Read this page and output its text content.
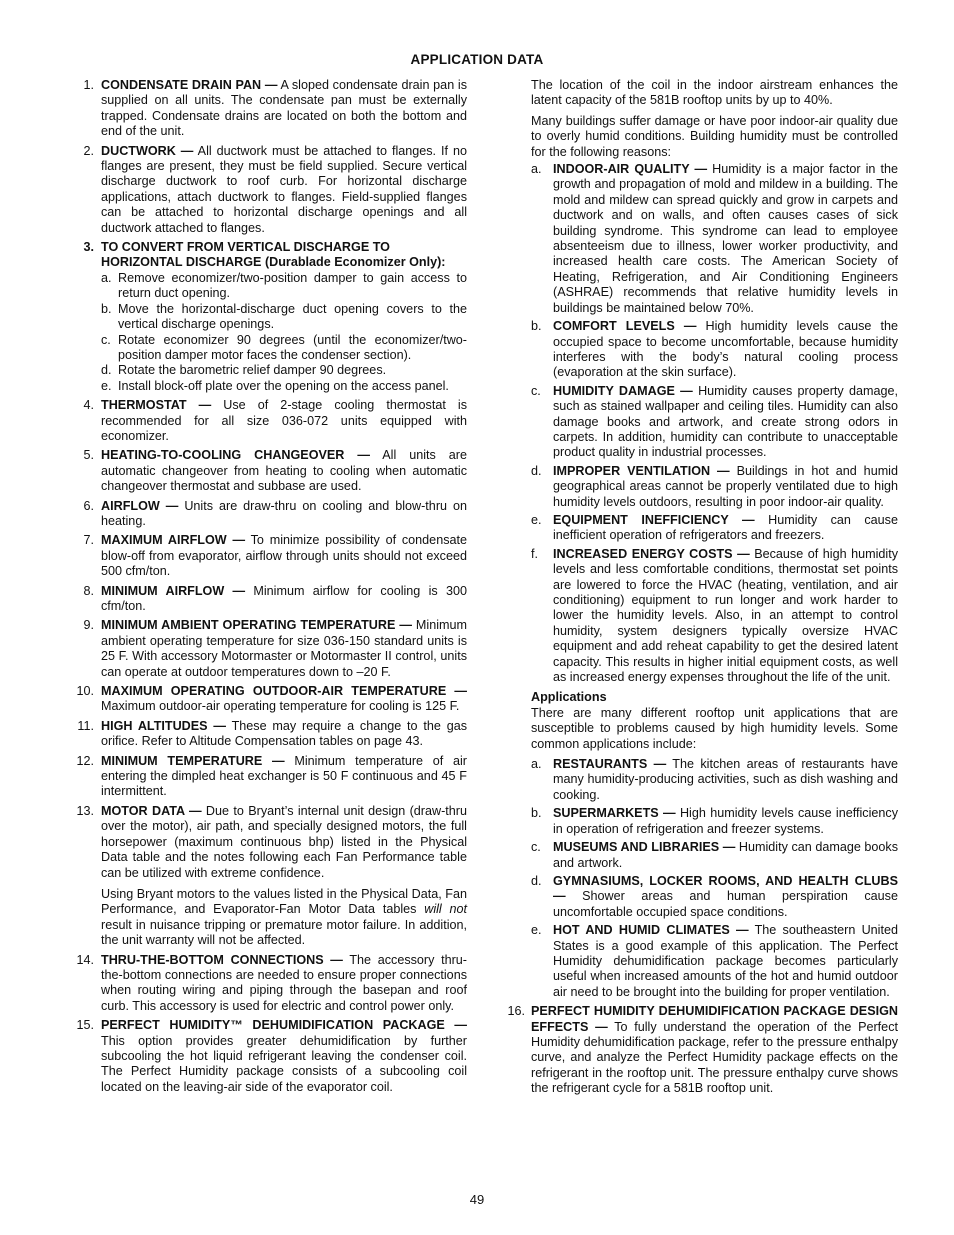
APPLICATION DATA
1. CONDENSATE DRAIN PAN — A sloped condensate drain pan is supplied on all units. The condensate pan must be externally trapped. Condensate drains are located on both the bottom and end of the unit.
2. DUCTWORK — All ductwork must be attached to flanges. If no flanges are present, they must be field supplied. Secure vertical discharge ductwork to roof curb. For horizontal discharge applications, attach ductwork to flanges. Field-supplied flanges can be attached to horizontal discharge openings and all ductwork attached to flanges.
3. TO CONVERT FROM VERTICAL DISCHARGE TO HORIZONTAL DISCHARGE (Durablade Economizer Only):
a. Remove economizer/two-position damper to gain access to return duct opening.
b. Move the horizontal-discharge duct opening covers to the vertical discharge openings.
c. Rotate economizer 90 degrees (until the economizer/two-position damper motor faces the condenser section).
d. Rotate the barometric relief damper 90 degrees.
e. Install block-off plate over the opening on the access panel.
4. THERMOSTAT — Use of 2-stage cooling thermostat is recommended for all size 036-072 units equipped with economizer.
5. HEATING-TO-COOLING CHANGEOVER — All units are automatic changeover from heating to cooling when automatic changeover thermostat and subbase are used.
6. AIRFLOW — Units are draw-thru on cooling and blow-thru on heating.
7. MAXIMUM AIRFLOW — To minimize possibility of condensate blow-off from evaporator, airflow through units should not exceed 500 cfm/ton.
8. MINIMUM AIRFLOW — Minimum airflow for cooling is 300 cfm/ton.
9. MINIMUM AMBIENT OPERATING TEMPERATURE — Minimum ambient operating temperature for size 036-150 standard units is 25 F. With accessory Motormaster or Motormaster II control, units can operate at outdoor temperatures down to –20 F.
10. MAXIMUM OPERATING OUTDOOR-AIR TEMPERATURE — Maximum outdoor-air operating temperature for cooling is 125 F.
11. HIGH ALTITUDES — These may require a change to the gas orifice. Refer to Altitude Compensation tables on page 43.
12. MINIMUM TEMPERATURE — Minimum temperature of air entering the dimpled heat exchanger is 50 F continuous and 45 F intermittent.
13. MOTOR DATA — Due to Bryant’s internal unit design (draw-thru over the motor), air path, and specially designed motors, the full horsepower (maximum continuous bhp) listed in the Physical Data table and the notes following each Fan Performance table can be utilized with extreme confidence.
Using Bryant motors to the values listed in the Physical Data, Fan Performance, and Evaporator-Fan Motor Data tables will not result in nuisance tripping or premature motor failure. In addition, the unit warranty will not be affected.
14. THRU-THE-BOTTOM CONNECTIONS — The accessory thru-the-bottom connections are needed to ensure proper connections when routing wiring and piping through the basepan and roof curb. This accessory is used for electric and control power only.
15. PERFECT HUMIDITY™ DEHUMIDIFICATION PACKAGE — This option provides greater dehumidification by further subcooling the hot liquid refrigerant leaving the condenser coil. The Perfect Humidity package consists of a subcooling coil located on the leaving-air side of the evaporator coil.
The location of the coil in the indoor airstream enhances the latent capacity of the 581B rooftop units by up to 40%.
Many buildings suffer damage or have poor indoor-air quality due to overly humid conditions. Building humidity must be controlled for the following reasons:
a. INDOOR-AIR QUALITY — Humidity is a major factor in the growth and propagation of mold and mildew in a building. The mold and mildew can spread quickly and grow in carpets and ductwork and on walls, and often causes cases of sick building syndrome. This syndrome can lead to employee absenteeism due to illness, lower worker productivity, and increased health care costs. The American Society of Heating, Refrigeration, and Air Conditioning Engineers (ASHRAE) recommends that relative humidity levels in buildings be maintained below 70%.
b. COMFORT LEVELS — High humidity levels cause the occupied space to become uncomfortable, because humidity interferes with the body’s natural cooling process (evaporation at the skin surface).
c. HUMIDITY DAMAGE — Humidity causes property damage, such as stained wallpaper and ceiling tiles. Humidity can also damage books and artwork, and create strong odors in carpets. In addition, humidity can contribute to unacceptable product quality in industrial processes.
d. IMPROPER VENTILATION — Buildings in hot and humid geographical areas cannot be properly ventilated due to high humidity levels outdoors, resulting in poor indoor-air quality.
e. EQUIPMENT INEFFICIENCY — Humidity can cause inefficient operation of refrigerators and freezers.
f.	INCREASED ENERGY COSTS — Because of high humidity levels and less comfortable conditions, thermostat set points are lowered to force the HVAC (heating, ventilation, and air conditioning) equipment to run longer and work harder to lower the humidity levels. Also, in an attempt to control humidity, system designers typically oversize HVAC equipment and add reheat capability to get the desired latent capacity. This results in higher initial equipment costs, as well as increased energy expenses throughout the life of the unit.
Applications
There are many different rooftop unit applications that are susceptible to problems caused by high humidity levels. Some common applications include:
a. RESTAURANTS — The kitchen areas of restaurants have many humidity-producing activities, such as dish washing and cooking.
b. SUPERMARKETS — High humidity levels cause inefficiency in operation of refrigeration and freezer systems.
c. MUSEUMS AND LIBRARIES — Humidity can damage books and artwork.
d. GYMNASIUMS, LOCKER ROOMS, AND HEALTH CLUBS — Shower areas and human perspiration cause uncomfortable occupied space conditions.
e. HOT AND HUMID CLIMATES — The southeastern United States is a good example of this application. The Perfect Humidity dehumidification package becomes particularly useful when increased amounts of the hot and humid outdoor air need to be brought into the building for proper ventilation.
16. PERFECT HUMIDITY DEHUMIDIFICATION PACKAGE DESIGN EFFECTS — To fully understand the operation of the Perfect Humidity dehumidification package, refer to the pressure enthalpy curve, and analyze the Perfect Humidity package effects on the refrigerant in the rooftop unit. The pressure enthalpy curve shows the refrigerant cycle for a 581B rooftop unit.
49
